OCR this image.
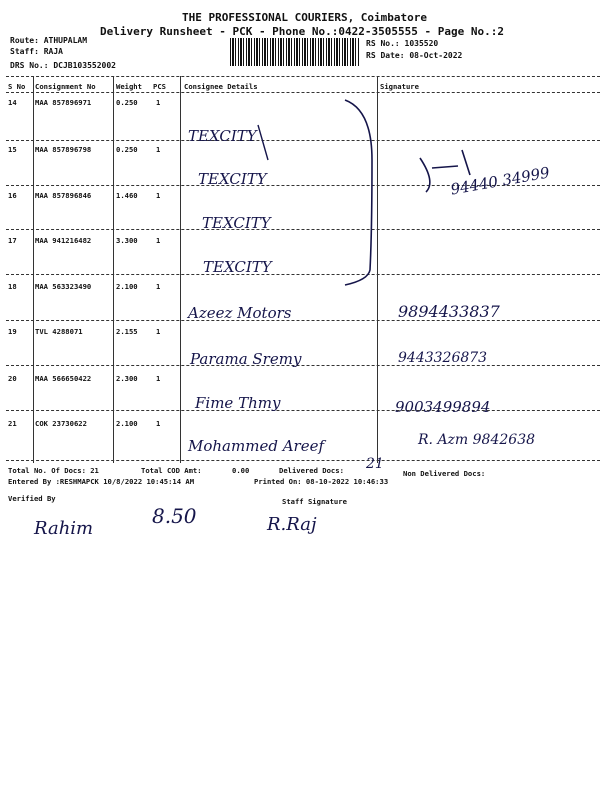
THE PROFESSIONAL COURIERS, Coimbatore
Delivery Runsheet - PCK - Phone No.:0422-3505555 - Page No.:2
Route: ATHUPALAM
Staff: RAJA
DRS No.: DCJB103552002
RS No.: 1035520
RS Date: 08-Oct-2022
S No Consignment No	Weight PCS	Consignee Details	Signature
14	MAA 857896971	0.250	1
TEXCITY
15	MAA 857896798	0.250	1
TEXCITY	94440 34999
16	MAA 857896846	1.460	1
TEXCITY
17	MAA 941216482	3.300	1
TEXCITY
18	MAA 563323490	2.100	1
Azeez Motors	9894433837
19	TVL 4288071	2.155	1
Parama Sremy	9443326873
20	MAA 566650422	2.300	1
Fime Thmy	9003499894
21	COK 23730622	2.100	1
Mohammed Areef	R. Azm 9842638
Total No. Of Docs: 21	Total COD Amt:	0.00	Delivered Docs: 21
Non Delivered Docs:
Entered By :RESHMAPCK 10/8/2022 10:45:14 AM	Printed On: 08-10-2022 10:46:33
Verified By	Staff Signature
Rahim
8.50	R.Raj
